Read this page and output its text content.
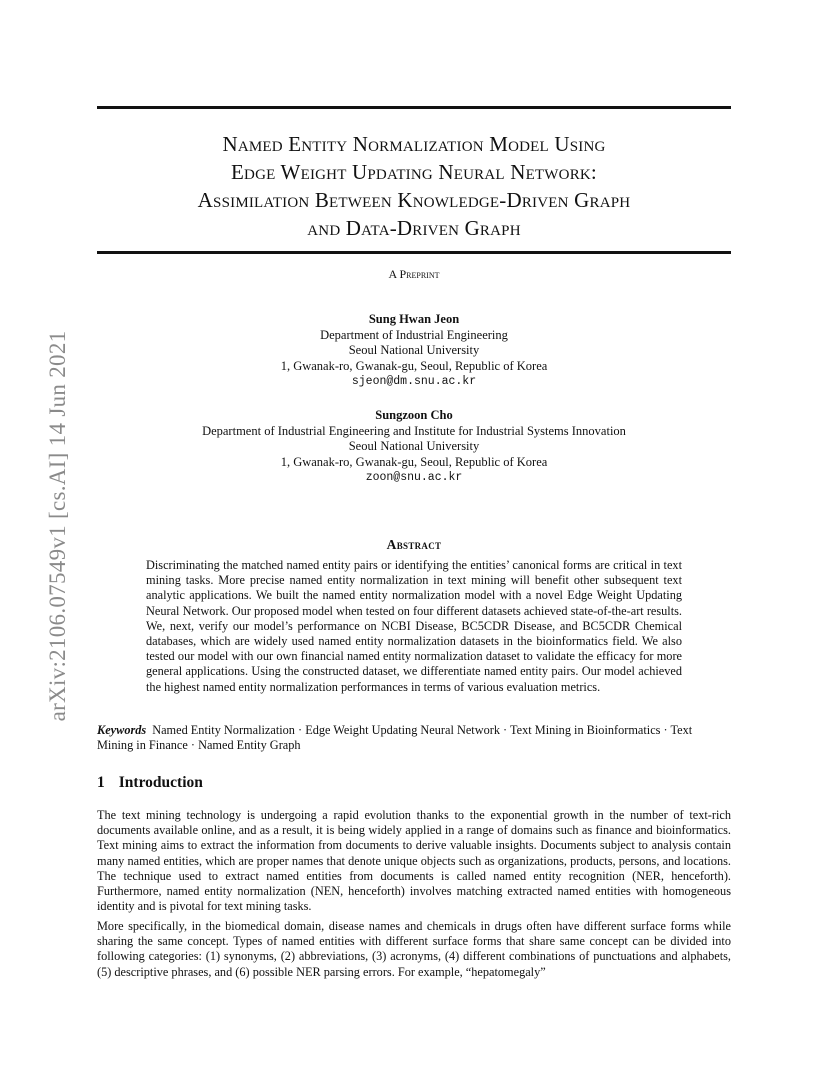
arXiv:2106.07549v1 [cs.AI] 14 Jun 2021
Named Entity Normalization Model Using
Edge Weight Updating Neural Network:
Assimilation Between Knowledge-Driven Graph
and Data-Driven Graph
A Preprint
Sung Hwan Jeon
Department of Industrial Engineering
Seoul National University
1, Gwanak-ro, Gwanak-gu, Seoul, Republic of Korea
sjeon@dm.snu.ac.kr
Sungzoon Cho
Department of Industrial Engineering and Institute for Industrial Systems Innovation
Seoul National University
1, Gwanak-ro, Gwanak-gu, Seoul, Republic of Korea
zoon@snu.ac.kr
Abstract
Discriminating the matched named entity pairs or identifying the entities’ canonical forms are critical in text mining tasks. More precise named entity normalization in text mining will benefit other subsequent text analytic applications. We built the named entity normalization model with a novel Edge Weight Updating Neural Network. Our proposed model when tested on four different datasets achieved state-of-the-art results. We, next, verify our model’s performance on NCBI Disease, BC5CDR Disease, and BC5CDR Chemical databases, which are widely used named entity normalization datasets in the bioinformatics field. We also tested our model with our own financial named entity normalization dataset to validate the efficacy for more general applications. Using the constructed dataset, we differentiate named entity pairs. Our model achieved the highest named entity normalization performances in terms of various evaluation metrics.
Keywords Named Entity Normalization · Edge Weight Updating Neural Network · Text Mining in Bioinformatics · Text Mining in Finance · Named Entity Graph
1 Introduction
The text mining technology is undergoing a rapid evolution thanks to the exponential growth in the number of text-rich documents available online, and as a result, it is being widely applied in a range of domains such as finance and bioinformatics. Text mining aims to extract the information from documents to derive valuable insights. Documents subject to analysis contain many named entities, which are proper names that denote unique objects such as organizations, products, persons, and locations. The technique used to extract named entities from documents is called named entity recognition (NER, henceforth). Furthermore, named entity normalization (NEN, henceforth) involves matching extracted named entities with homogeneous identity and is pivotal for text mining tasks.
More specifically, in the biomedical domain, disease names and chemicals in drugs often have different surface forms while sharing the same concept. Types of named entities with different surface forms that share same concept can be divided into following categories: (1) synonyms, (2) abbreviations, (3) acronyms, (4) different combinations of punctuations and alphabets, (5) descriptive phrases, and (6) possible NER parsing errors. For example, “hepatomegaly”
